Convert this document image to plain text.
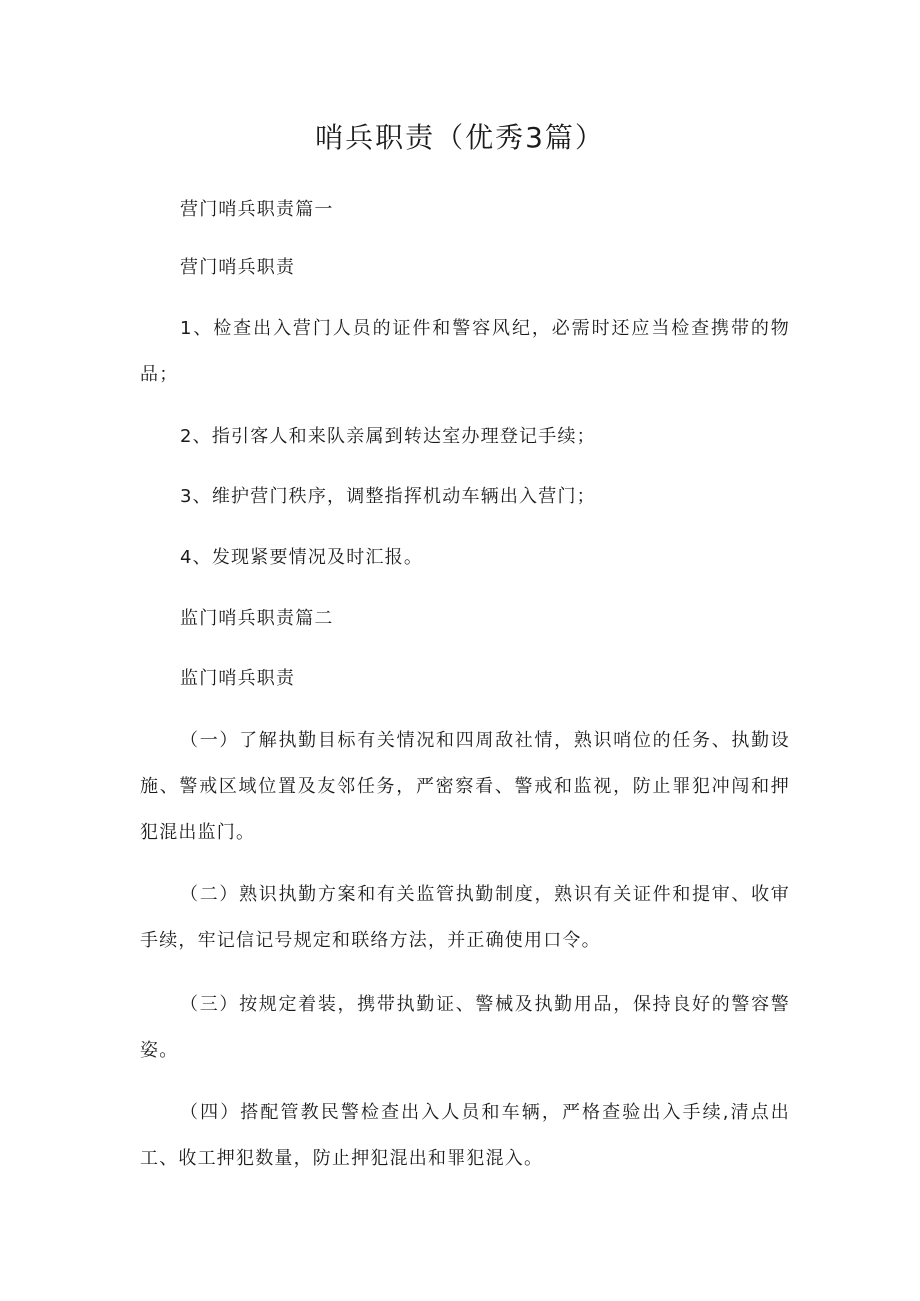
哨兵职责（优秀3篇）

营门哨兵职责篇一

营门哨兵职责

1、检查出入营门人员的证件和警容风纪，必需时还应当检查携带的物品；

2、指引客人和来队亲属到转达室办理登记手续；

3、维护营门秩序，调整指挥机动车辆出入营门；

4、发现紧要情况及时汇报。

监门哨兵职责篇二

监门哨兵职责

（一）了解执勤目标有关情况和四周敌社情，熟识哨位的任务、执勤设施、警戒区域位置及友邻任务，严密察看、警戒和监视，防止罪犯冲闯和押犯混出监门。

（二）熟识执勤方案和有关监管执勤制度，熟识有关证件和提审、收审手续，牢记信记号规定和联络方法，并正确使用口令。

（三）按规定着装，携带执勤证、警械及执勤用品，保持良好的警容警姿。

（四）搭配管教民警检查出入人员和车辆，严格查验出入手续,清点出工、收工押犯数量，防止押犯混出和罪犯混入。
